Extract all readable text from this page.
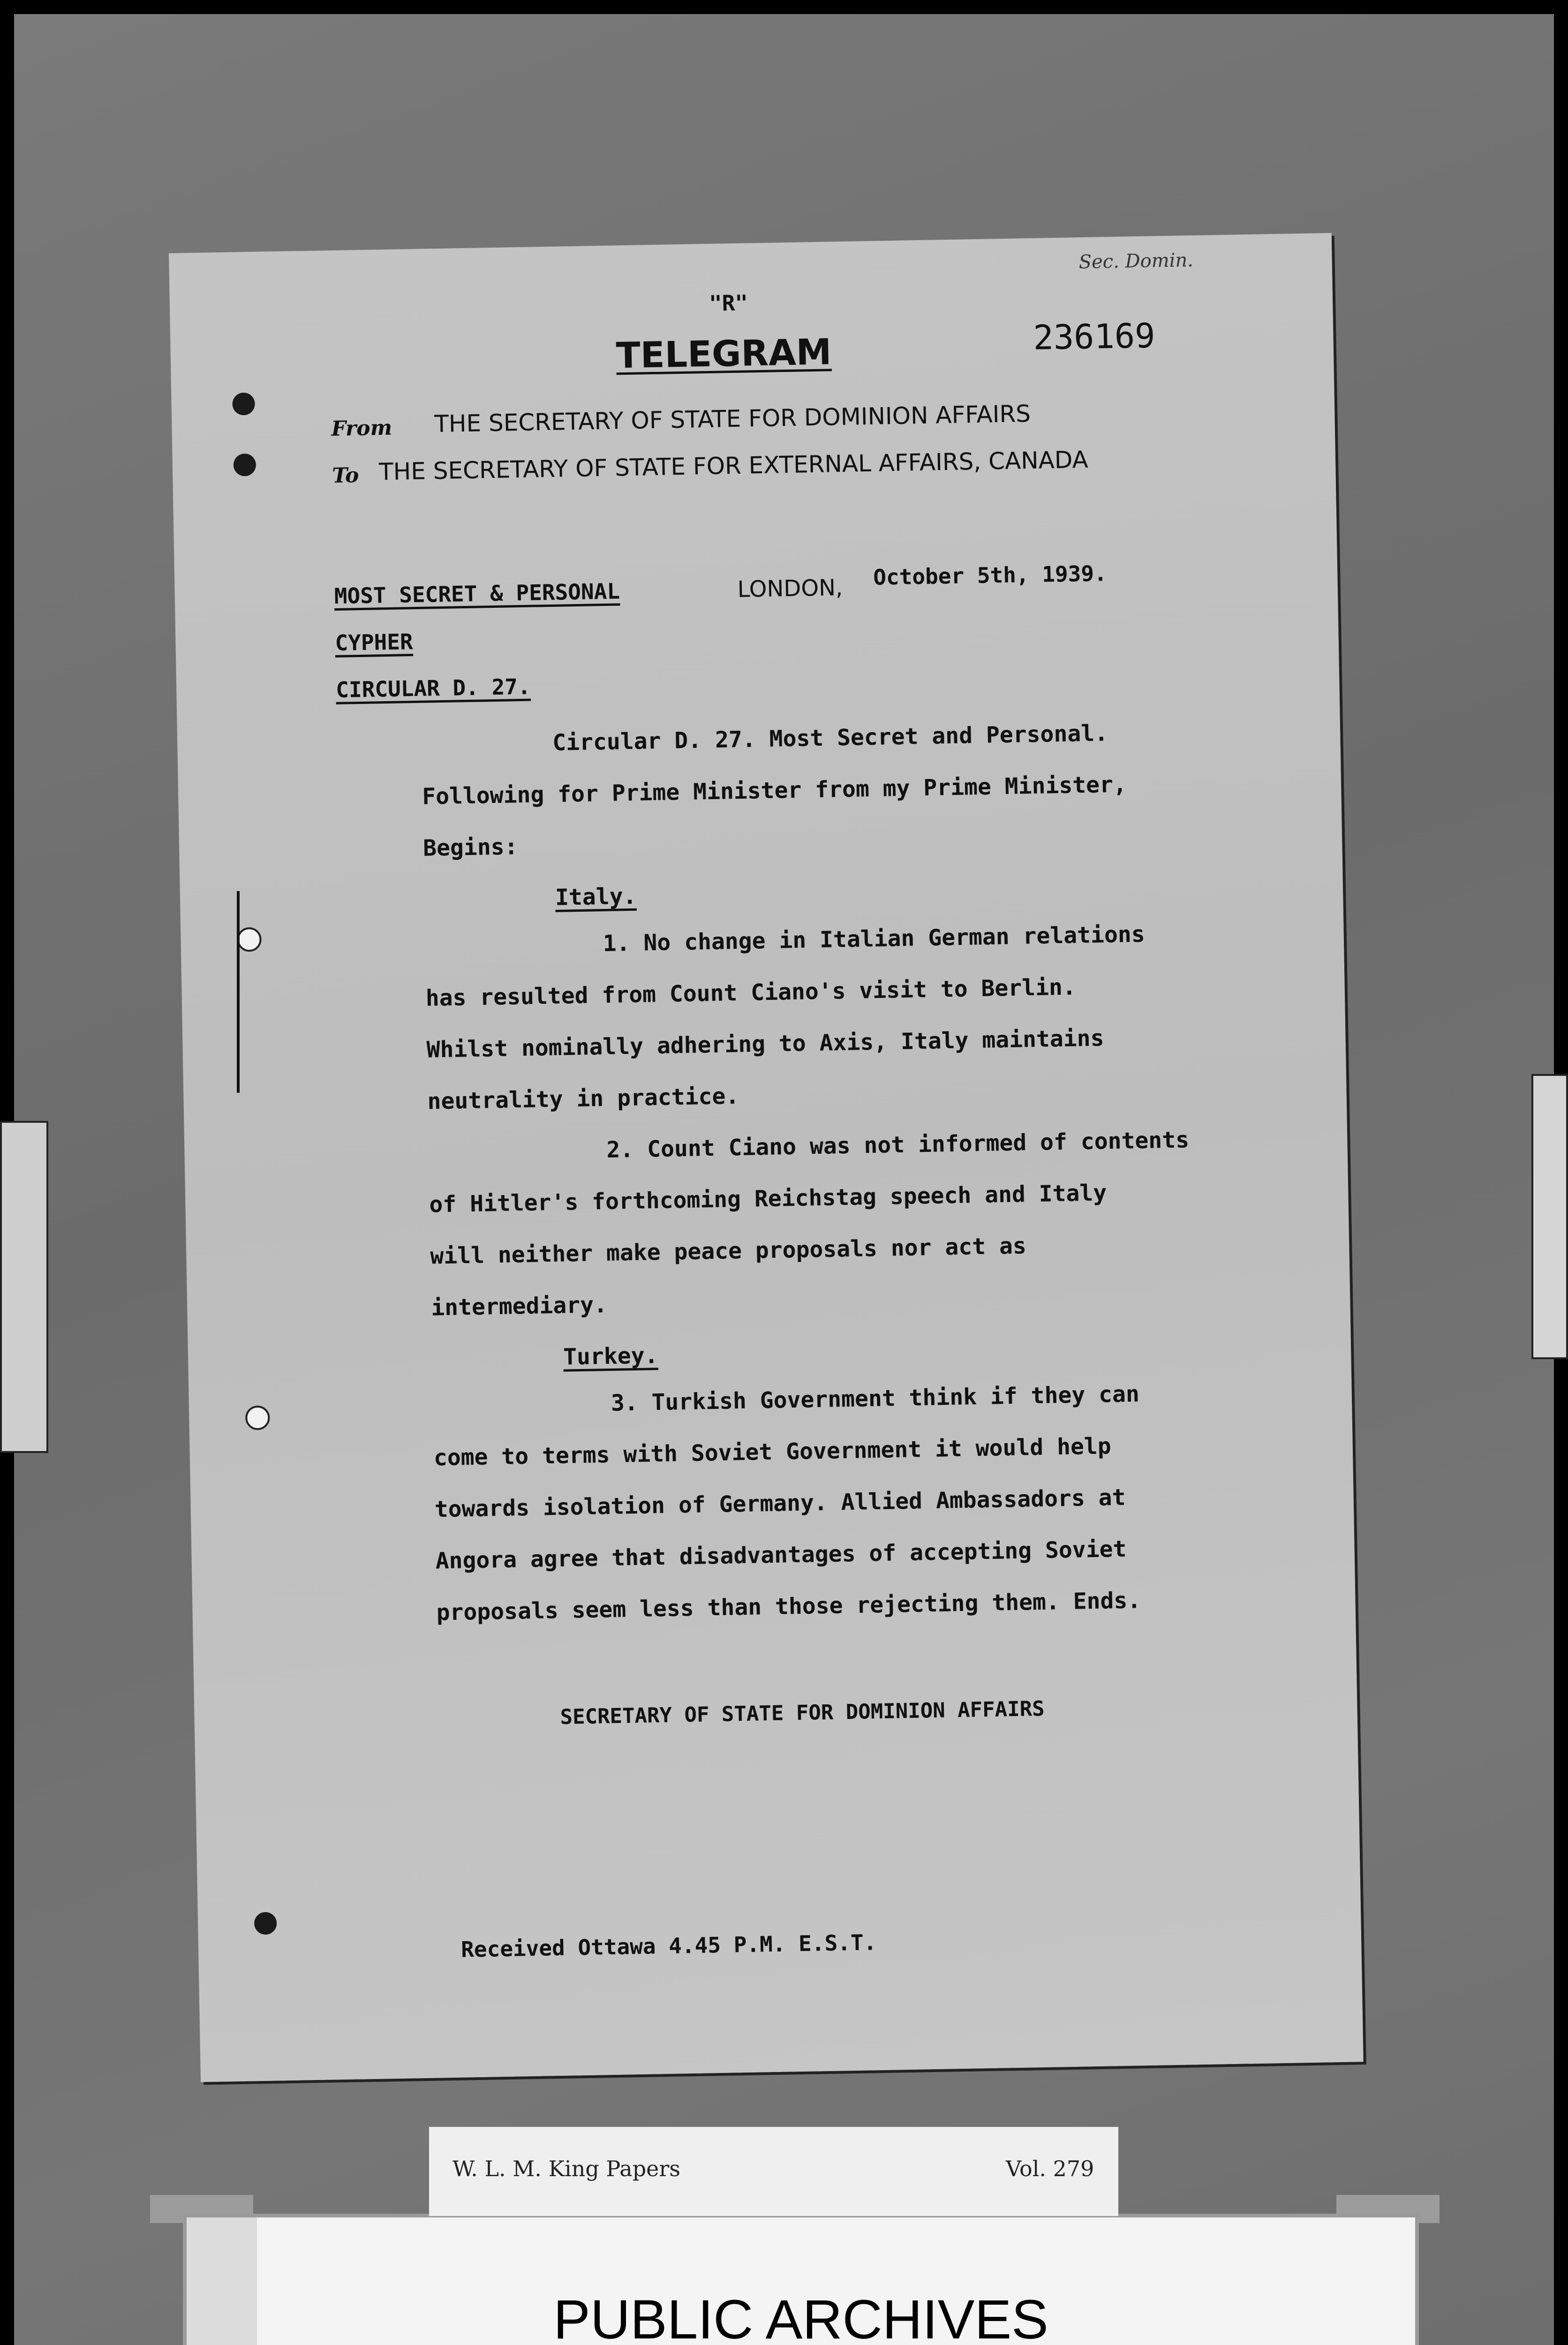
"R"
TELEGRAM	236169
Sec. Domin.
From THE SECRETARY OF STATE FOR DOMINION AFFAIRS
To THE SECRETARY OF STATE FOR EXTERNAL AFFAIRS, CANADA
MOST SECRET & PERSONAL	LONDON, October 5th, 1939.
CYPHER
CIRCULAR D. 27.
Circular D. 27. Most Secret and Personal.
Following for Prime Minister from my Prime Minister,
Begins:
Italy.
1. No change in Italian German relations
has resulted from Count Ciano's visit to Berlin.
Whilst nominally adhering to Axis, Italy maintains
neutrality in practice.
2. Count Ciano was not informed of contents
of Hitler's forthcoming Reichstag speech and Italy
will neither make peace proposals nor act as
intermediary.
Turkey.
3. Turkish Government think if they can
come to terms with Soviet Government it would help
towards isolation of Germany. Allied Ambassadors at
Angora agree that disadvantages of accepting Soviet
proposals seem less than those rejecting them. Ends.
SECRETARY OF STATE FOR DOMINION AFFAIRS
Received Ottawa 4.45 P.M. E.S.T.
PUBLIC ARCHIVES
W. L. M. King Papers	Vol. 279
